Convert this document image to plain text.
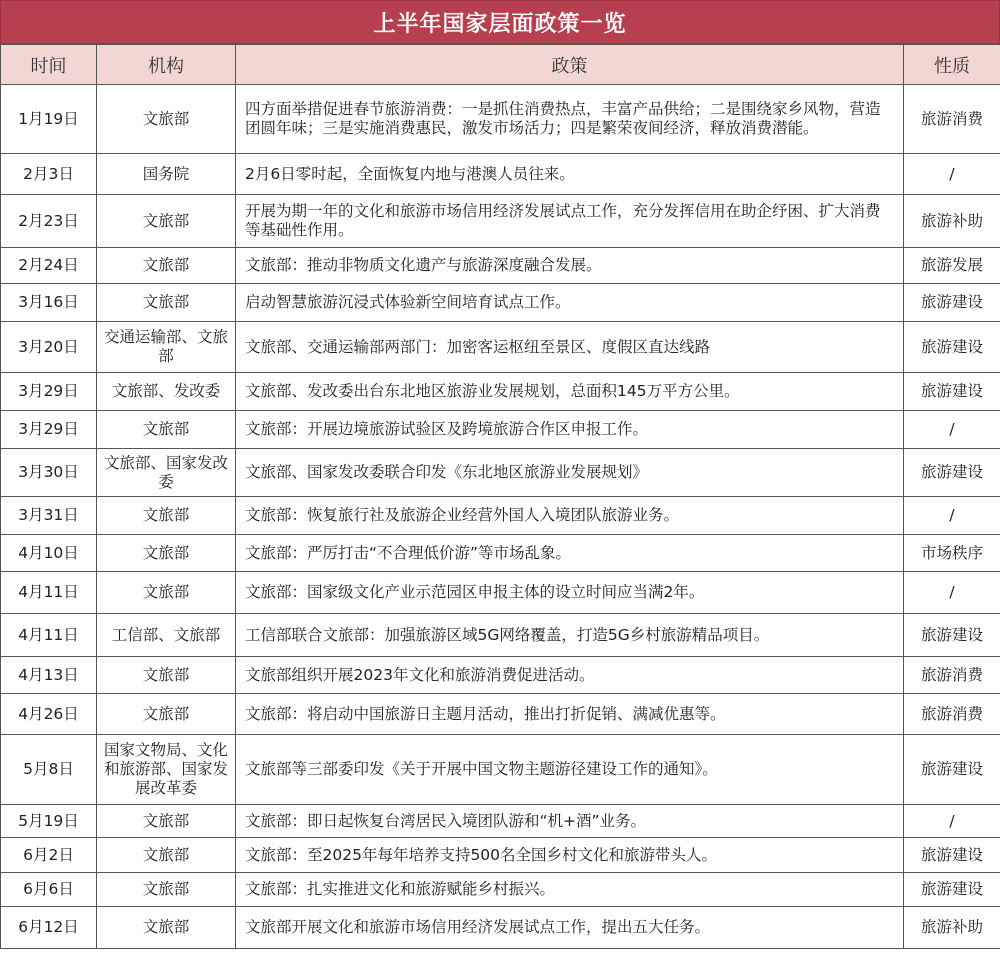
上半年国家层面政策一览
时间	机构	政策	性质
1月19日	文旅部	四方面举措促进春节旅游消费：一是抓住消费热点，丰富产品供给；二是围绕家乡风物，营造团圆年味；三是实施消费惠民，激发市场活力；四是繁荣夜间经济，释放消费潜能。	旅游消费
2月3日	国务院	2月6日零时起，全面恢复内地与港澳人员往来。	/
2月23日	文旅部	开展为期一年的文化和旅游市场信用经济发展试点工作，充分发挥信用在助企纾困、扩大消费等基础性作用。	旅游补助
2月24日	文旅部	文旅部：推动非物质文化遗产与旅游深度融合发展。	旅游发展
3月16日	文旅部	启动智慧旅游沉浸式体验新空间培育试点工作。	旅游建设
3月20日	交通运输部、文旅部	文旅部、交通运输部两部门：加密客运枢纽至景区、度假区直达线路	旅游建设
3月29日	文旅部、发改委	文旅部、发改委出台东北地区旅游业发展规划，总面积145万平方公里。	旅游建设
3月29日	文旅部	文旅部：开展边境旅游试验区及跨境旅游合作区申报工作。	/
3月30日	文旅部、国家发改委	文旅部、国家发改委联合印发《东北地区旅游业发展规划》	旅游建设
3月31日	文旅部	文旅部：恢复旅行社及旅游企业经营外国人入境团队旅游业务。	/
4月10日	文旅部	文旅部：严厉打击“不合理低价游”等市场乱象。	市场秩序
4月11日	文旅部	文旅部：国家级文化产业示范园区申报主体的设立时间应当满2年。	/
4月11日	工信部、文旅部	工信部联合文旅部：加强旅游区域5G网络覆盖，打造5G乡村旅游精品项目。	旅游建设
4月13日	文旅部	文旅部组织开展2023年文化和旅游消费促进活动。	旅游消费
4月26日	文旅部	文旅部：将启动中国旅游日主题月活动，推出打折促销、满减优惠等。	旅游消费
5月8日	国家文物局、文化和旅游部、国家发展改革委	文旅部等三部委印发《关于开展中国文物主题游径建设工作的通知》。	旅游建设
5月19日	文旅部	文旅部：即日起恢复台湾居民入境团队游和“机+酒”业务。	/
6月2日	文旅部	文旅部：至2025年每年培养支持500名全国乡村文化和旅游带头人。	旅游建设
6月6日	文旅部	文旅部：扎实推进文化和旅游赋能乡村振兴。	旅游建设
6月12日	文旅部	文旅部开展文化和旅游市场信用经济发展试点工作，提出五大任务。	旅游补助
